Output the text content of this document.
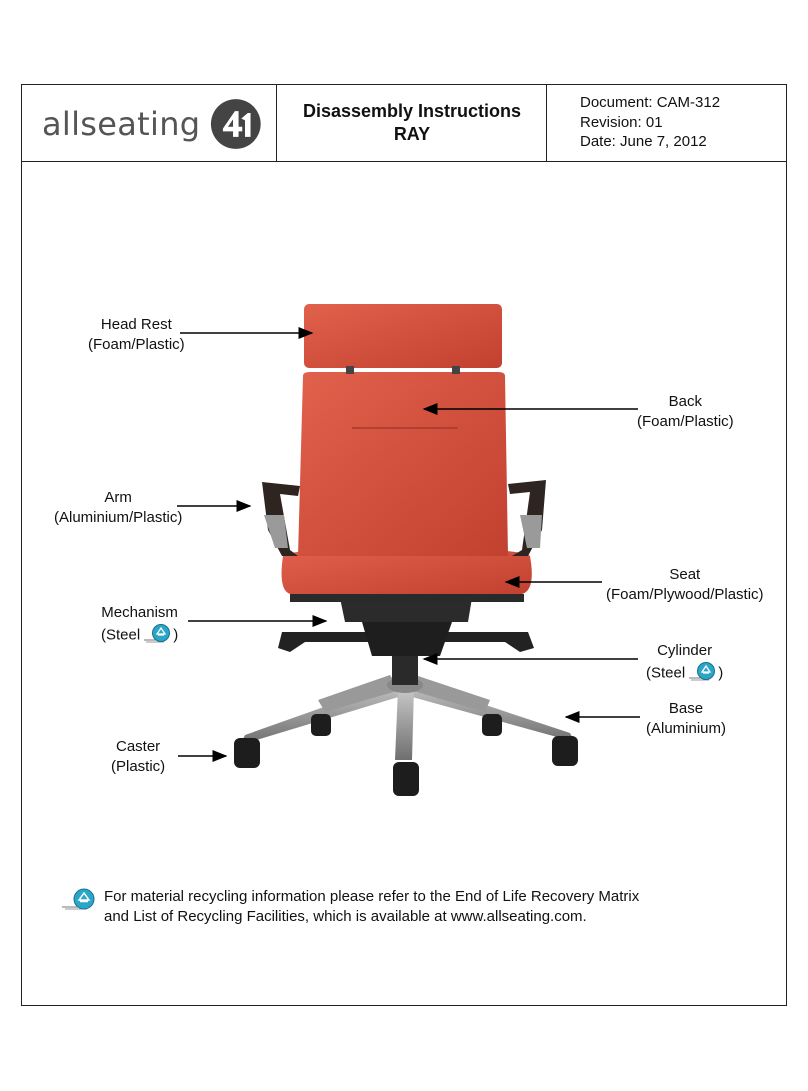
allseating	Disassembly Instructions
RAY
Document: CAM-312
Revision: 01
Date: June 7, 2012
Head Rest
(Foam/Plastic)
Back
(Foam/Plastic)
Arm
(Aluminium/Plastic)
Seat
(Foam/Plywood/Plastic)
Mechanism
(Steel )
Cylinder
(Steel )
Base
(Aluminium)
Caster
(Plastic)
For material recycling information please refer to the End of Life Recovery Matrix
and List of Recycling Facilities, which is available at www.allseating.com.
